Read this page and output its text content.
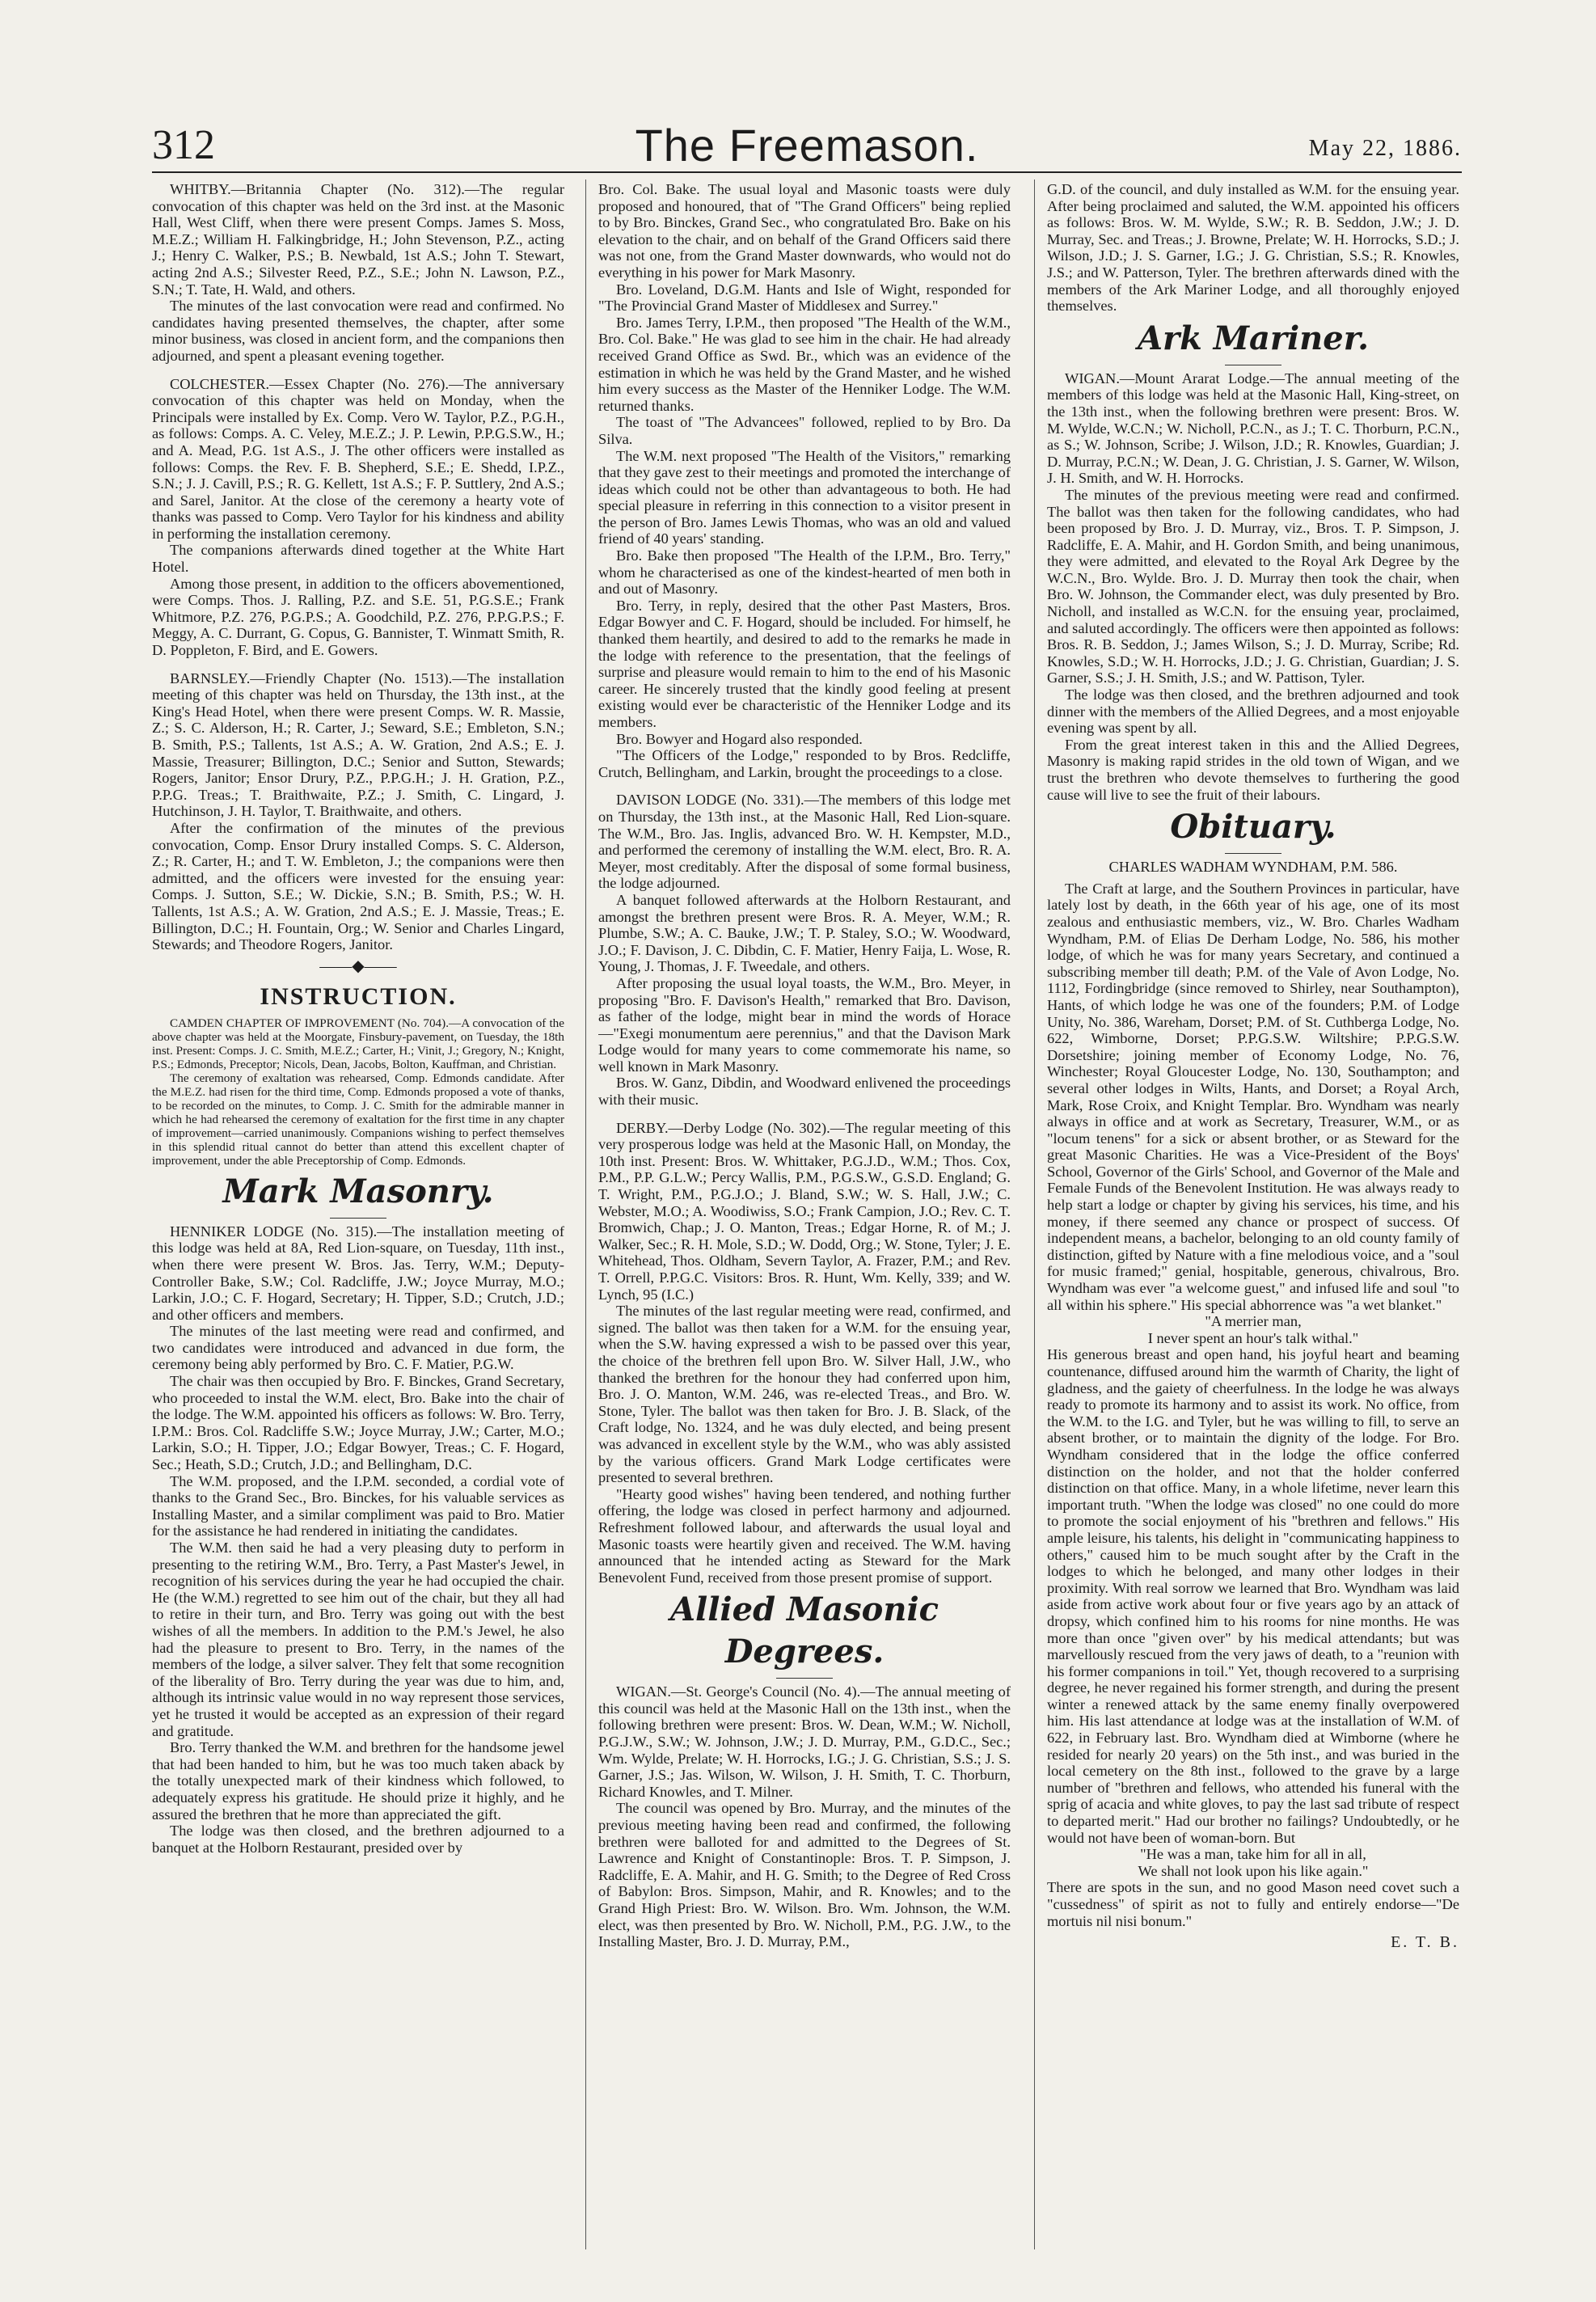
312	The Freemason.	May 22, 1886.

WHITBY.—Britannia Chapter (No. 312).—The regular convocation of this chapter was held on the 3rd inst. at the Masonic Hall, West Cliff, when there were present Comps. James S. Moss, M.E.Z.; William H. Falkingbridge, H.; John Stevenson, P.Z., acting J.; Henry C. Walker, P.S.; B. Newbald, 1st A.S.; John T. Stewart, acting 2nd A.S.; Silvester Reed, P.Z., S.E.; John N. Lawson, P.Z., S.N.; T. Tate, H. Wald, and others.

The minutes of the last convocation were read and confirmed. No candidates having presented themselves, the chapter, after some minor business, was closed in ancient form, and the companions then adjourned, and spent a pleasant evening together.

COLCHESTER.—Essex Chapter (No. 276).—The anniversary convocation of this chapter was held on Monday, when the Principals were installed by Ex. Comp. Vero W. Taylor, P.Z., P.G.H., as follows: Comps. A. C. Veley, M.E.Z.; J. P. Lewin, P.P.G.S.W., H.; and A. Mead, P.G. 1st A.S., J. The other officers were installed as follows: Comps. the Rev. F. B. Shepherd, S.E.; E. Shedd, I.P.Z., S.N.; J. J. Cavill, P.S.; R. G. Kellett, 1st A.S.; F. P. Suttlery, 2nd A.S.; and Sarel, Janitor. At the close of the ceremony a hearty vote of thanks was passed to Comp. Vero Taylor for his kindness and ability in performing the installation ceremony.

The companions afterwards dined together at the White Hart Hotel.

Among those present, in addition to the officers abovementioned, were Comps. Thos. J. Ralling, P.Z. and S.E. 51, P.G.S.E.; Frank Whitmore, P.Z. 276, P.G.P.S.; A. Goodchild, P.Z. 276, P.P.G.P.S.; F. Meggy, A. C. Durrant, G. Copus, G. Bannister, T. Winmatt Smith, R. D. Poppleton, F. Bird, and E. Gowers.

BARNSLEY.—Friendly Chapter (No. 1513).—The installation meeting of this chapter was held on Thursday, the 13th inst., at the King's Head Hotel, when there were present Comps. W. R. Massie, Z.; S. C. Alderson, H.; R. Carter, J.; Seward, S.E.; Embleton, S.N.; B. Smith, P.S.; Tallents, 1st A.S.; A. W. Gration, 2nd A.S.; E. J. Massie, Treasurer; Billington, D.C.; Senior and Sutton, Stewards; Rogers, Janitor; Ensor Drury, P.Z., P.P.G.H.; J. H. Gration, P.Z., P.P.G. Treas.; T. Braithwaite, P.Z.; J. Smith, C. Lingard, J. Hutchinson, J. H. Taylor, T. Braithwaite, and others.

After the confirmation of the minutes of the previous convocation, Comp. Ensor Drury installed Comps. S. C. Alderson, Z.; R. Carter, H.; and T. W. Embleton, J.; the companions were then admitted, and the officers were invested for the ensuing year: Comps. J. Sutton, S.E.; W. Dickie, S.N.; B. Smith, P.S.; W. H. Tallents, 1st A.S.; A. W. Gration, 2nd A.S.; E. J. Massie, Treas.; E. Billington, D.C.; H. Fountain, Org.; W. Senior and Charles Lingard, Stewards; and Theodore Rogers, Janitor.

——◆——
INSTRUCTION.

CAMDEN CHAPTER OF IMPROVEMENT (No. 704).—A convocation of the above chapter was held at the Moorgate, Finsbury-pavement, on Tuesday, the 18th inst. Present: Comps. J. C. Smith, M.E.Z.; Carter, H.; Vinit, J.; Gregory, N.; Knight, P.S.; Edmonds, Preceptor; Nicols, Dean, Jacobs, Bolton, Kauffman, and Christian.

The ceremony of exaltation was rehearsed, Comp. Edmonds candidate. After the M.E.Z. had risen for the third time, Comp. Edmonds proposed a vote of thanks, to be recorded on the minutes, to Comp. J. C. Smith for the admirable manner in which he had rehearsed the ceremony of exaltation for the first time in any chapter of improvement—carried unanimously. Companions wishing to perfect themselves in this splendid ritual cannot do better than attend this excellent chapter of improvement, under the able Preceptorship of Comp. Edmonds.

Mark Masonry.

HENNIKER LODGE (No. 315).—The installation meeting of this lodge was held at 8A, Red Lion-square, on Tuesday, 11th inst., when there were present W. Bros. Jas. Terry, W.M.; Deputy-Controller Bake, S.W.; Col. Radcliffe, J.W.; Joyce Murray, M.O.; Larkin, J.O.; C. F. Hogard, Secretary; H. Tipper, S.D.; Crutch, J.D.; and other officers and members.

The minutes of the last meeting were read and confirmed, and two candidates were introduced and advanced in due form, the ceremony being ably performed by Bro. C. F. Matier, P.G.W.

The chair was then occupied by Bro. F. Binckes, Grand Secretary, who proceeded to instal the W.M. elect, Bro. Bake into the chair of the lodge. The W.M. appointed his officers as follows: W. Bro. Terry, I.P.M.: Bros. Col. Radcliffe S.W.; Joyce Murray, J.W.; Carter, M.O.; Larkin, S.O.; H. Tipper, J.O.; Edgar Bowyer, Treas.; C. F. Hogard, Sec.; Heath, S.D.; Crutch, J.D.; and Bellingham, D.C.

The W.M. proposed, and the I.P.M. seconded, a cordial vote of thanks to the Grand Sec., Bro. Binckes, for his valuable services as Installing Master, and a similar compliment was paid to Bro. Matier for the assistance he had rendered in initiating the candidates.

The W.M. then said he had a very pleasing duty to perform in presenting to the retiring W.M., Bro. Terry, a Past Master's Jewel, in recognition of his services during the year he had occupied the chair. He (the W.M.) regretted to see him out of the chair, but they all had to retire in their turn, and Bro. Terry was going out with the best wishes of all the members. In addition to the P.M.'s Jewel, he also had the pleasure to present to Bro. Terry, in the names of the members of the lodge, a silver salver. They felt that some recognition of the liberality of Bro. Terry during the year was due to him, and, although its intrinsic value would in no way represent those services, yet he trusted it would be accepted as an expression of their regard and gratitude.

Bro. Terry thanked the W.M. and brethren for the handsome jewel that had been handed to him, but he was too much taken aback by the totally unexpected mark of their kindness which followed, to adequately express his gratitude. He should prize it highly, and he assured the brethren that he more than appreciated the gift.

The lodge was then closed, and the brethren adjourned to a banquet at the Holborn Restaurant, presided over by

Bro. Col. Bake. The usual loyal and Masonic toasts were duly proposed and honoured, that of "The Grand Officers" being replied to by Bro. Binckes, Grand Sec., who congratulated Bro. Bake on his elevation to the chair, and on behalf of the Grand Officers said there was not one, from the Grand Master downwards, who would not do everything in his power for Mark Masonry.

Bro. Loveland, D.G.M. Hants and Isle of Wight, responded for "The Provincial Grand Master of Middlesex and Surrey."

Bro. James Terry, I.P.M., then proposed "The Health of the W.M., Bro. Col. Bake." He was glad to see him in the chair. He had already received Grand Office as Swd. Br., which was an evidence of the estimation in which he was held by the Grand Master, and he wished him every success as the Master of the Henniker Lodge. The W.M. returned thanks.

The toast of "The Advancees" followed, replied to by Bro. Da Silva.

The W.M. next proposed "The Health of the Visitors," remarking that they gave zest to their meetings and promoted the interchange of ideas which could not be other than advantageous to both. He had special pleasure in referring in this connection to a visitor present in the person of Bro. James Lewis Thomas, who was an old and valued friend of 40 years' standing.

Bro. Bake then proposed "The Health of the I.P.M., Bro. Terry," whom he characterised as one of the kindest-hearted of men both in and out of Masonry.

Bro. Terry, in reply, desired that the other Past Masters, Bros. Edgar Bowyer and C. F. Hogard, should be included. For himself, he thanked them heartily, and desired to add to the remarks he made in the lodge with reference to the presentation, that the feelings of surprise and pleasure would remain to him to the end of his Masonic career. He sincerely trusted that the kindly good feeling at present existing would ever be characteristic of the Henniker Lodge and its members.

Bro. Bowyer and Hogard also responded.

"The Officers of the Lodge," responded to by Bros. Redcliffe, Crutch, Bellingham, and Larkin, brought the proceedings to a close.

DAVISON LODGE (No. 331).—The members of this lodge met on Thursday, the 13th inst., at the Masonic Hall, Red Lion-square. The W.M., Bro. Jas. Inglis, advanced Bro. W. H. Kempster, M.D., and performed the ceremony of installing the W.M. elect, Bro. R. A. Meyer, most creditably. After the disposal of some formal business, the lodge adjourned.

A banquet followed afterwards at the Holborn Restaurant, and amongst the brethren present were Bros. R. A. Meyer, W.M.; R. Plumbe, S.W.; A. C. Bauke, J.W.; T. P. Staley, S.O.; W. Woodward, J.O.; F. Davison, J. C. Dibdin, C. F. Matier, Henry Faija, L. Wose, R. Young, J. Thomas, J. F. Tweedale, and others.

After proposing the usual loyal toasts, the W.M., Bro. Meyer, in proposing "Bro. F. Davison's Health," remarked that Bro. Davison, as father of the lodge, might bear in mind the words of Horace—"Exegi monumentum aere perennius," and that the Davison Mark Lodge would for many years to come commemorate his name, so well known in Mark Masonry.

Bros. W. Ganz, Dibdin, and Woodward enlivened the proceedings with their music.

DERBY.—Derby Lodge (No. 302).—The regular meeting of this very prosperous lodge was held at the Masonic Hall, on Monday, the 10th inst. Present: Bros. W. Whittaker, P.G.J.D., W.M.; Thos. Cox, P.M., P.P. G.L.W.; Percy Wallis, P.M., P.G.S.W., G.S.D. England; G. T. Wright, P.M., P.G.J.O.; J. Bland, S.W.; W. S. Hall, J.W.; C. Webster, M.O.; A. Woodiwiss, S.O.; Frank Campion, J.O.; Rev. C. T. Bromwich, Chap.; J. O. Manton, Treas.; Edgar Horne, R. of M.; J. Walker, Sec.; R. H. Mole, S.D.; W. Dodd, Org.; W. Stone, Tyler; J. E. Whitehead, Thos. Oldham, Severn Taylor, A. Frazer, P.M.; and Rev. T. Orrell, P.P.G.C. Visitors: Bros. R. Hunt, Wm. Kelly, 339; and W. Lynch, 95 (I.C.)

The minutes of the last regular meeting were read, confirmed, and signed. The ballot was then taken for a W.M. for the ensuing year, when the S.W. having expressed a wish to be passed over this year, the choice of the brethren fell upon Bro. W. Silver Hall, J.W., who thanked the brethren for the honour they had conferred upon him, Bro. J. O. Manton, W.M. 246, was re-elected Treas., and Bro. W. Stone, Tyler. The ballot was then taken for Bro. J. B. Slack, of the Craft lodge, No. 1324, and he was duly elected, and being present was advanced in excellent style by the W.M., who was ably assisted by the various officers. Grand Mark Lodge certificates were presented to several brethren.

"Hearty good wishes" having been tendered, and nothing further offering, the lodge was closed in perfect harmony and adjourned. Refreshment followed labour, and afterwards the usual loyal and Masonic toasts were heartily given and received. The W.M. having announced that he intended acting as Steward for the Mark Benevolent Fund, received from those present promise of support.

Allied Masonic Degrees.

WIGAN.—St. George's Council (No. 4).—The annual meeting of this council was held at the Masonic Hall on the 13th inst., when the following brethren were present: Bros. W. Dean, W.M.; W. Nicholl, P.G.J.W., S.W.; W. Johnson, J.W.; J. D. Murray, P.M., G.D.C., Sec.; Wm. Wylde, Prelate; W. H. Horrocks, I.G.; J. G. Christian, S.S.; J. S. Garner, J.S.; Jas. Wilson, W. Wilson, J. H. Smith, T. C. Thorburn, Richard Knowles, and T. Milner.

The council was opened by Bro. Murray, and the minutes of the previous meeting having been read and confirmed, the following brethren were balloted for and admitted to the Degrees of St. Lawrence and Knight of Constantinople: Bros. T. P. Simpson, J. Radcliffe, E. A. Mahir, and H. G. Smith; to the Degree of Red Cross of Babylon: Bros. Simpson, Mahir, and R. Knowles; and to the Grand High Priest: Bro. W. Wilson. Bro. Wm. Johnson, the W.M. elect, was then presented by Bro. W. Nicholl, P.M., P.G. J.W., to the Installing Master, Bro. J. D. Murray, P.M.,

G.D. of the council, and duly installed as W.M. for the ensuing year. After being proclaimed and saluted, the W.M. appointed his officers as follows: Bros. W. M. Wylde, S.W.; R. B. Seddon, J.W.; J. D. Murray, Sec. and Treas.; J. Browne, Prelate; W. H. Horrocks, S.D.; J. Wilson, J.D.; J. S. Garner, I.G.; J. G. Christian, S.S.; R. Knowles, J.S.; and W. Patterson, Tyler. The brethren afterwards dined with the members of the Ark Mariner Lodge, and all thoroughly enjoyed themselves.

Ark Mariner.

WIGAN.—Mount Ararat Lodge.—The annual meeting of the members of this lodge was held at the Masonic Hall, King-street, on the 13th inst., when the following brethren were present: Bros. W. M. Wylde, W.C.N.; W. Nicholl, P.C.N., as J.; T. C. Thorburn, P.C.N., as S.; W. Johnson, Scribe; J. Wilson, J.D.; R. Knowles, Guardian; J. D. Murray, P.C.N.; W. Dean, J. G. Christian, J. S. Garner, W. Wilson, J. H. Smith, and W. H. Horrocks.

The minutes of the previous meeting were read and confirmed. The ballot was then taken for the following candidates, who had been proposed by Bro. J. D. Murray, viz., Bros. T. P. Simpson, J. Radcliffe, E. A. Mahir, and H. Gordon Smith, and being unanimous, they were admitted, and elevated to the Royal Ark Degree by the W.C.N., Bro. Wylde. Bro. J. D. Murray then took the chair, when Bro. W. Johnson, the Commander elect, was duly presented by Bro. Nicholl, and installed as W.C.N. for the ensuing year, proclaimed, and saluted accordingly. The officers were then appointed as follows: Bros. R. B. Seddon, J.; James Wilson, S.; J. D. Murray, Scribe; Rd. Knowles, S.D.; W. H. Horrocks, J.D.; J. G. Christian, Guardian; J. S. Garner, S.S.; J. H. Smith, J.S.; and W. Pattison, Tyler.

The lodge was then closed, and the brethren adjourned and took dinner with the members of the Allied Degrees, and a most enjoyable evening was spent by all.

From the great interest taken in this and the Allied Degrees, Masonry is making rapid strides in the old town of Wigan, and we trust the brethren who devote themselves to furthering the good cause will live to see the fruit of their labours.

Obituary.

CHARLES WADHAM WYNDHAM, P.M. 586.

The Craft at large, and the Southern Provinces in particular, have lately lost by death, in the 66th year of his age, one of its most zealous and enthusiastic members, viz., W. Bro. Charles Wadham Wyndham, P.M. of Elias De Derham Lodge, No. 586, his mother lodge, of which he was for many years Secretary, and continued a subscribing member till death; P.M. of the Vale of Avon Lodge, No. 1112, Fordingbridge (since removed to Shirley, near Southampton), Hants, of which lodge he was one of the founders; P.M. of Lodge Unity, No. 386, Wareham, Dorset; P.M. of St. Cuthberga Lodge, No. 622, Wimborne, Dorset; P.P.G.S.W. Wiltshire; P.P.G.S.W. Dorsetshire; joining member of Economy Lodge, No. 76, Winchester; Royal Gloucester Lodge, No. 130, Southampton; and several other lodges in Wilts, Hants, and Dorset; a Royal Arch, Mark, Rose Croix, and Knight Templar. Bro. Wyndham was nearly always in office and at work as Secretary, Treasurer, W.M., or as "locum tenens" for a sick or absent brother, or as Steward for the great Masonic Charities. He was a Vice-President of the Boys' School, Governor of the Girls' School, and Governor of the Male and Female Funds of the Benevolent Institution. He was always ready to help start a lodge or chapter by giving his services, his time, and his money, if there seemed any chance or prospect of success. Of independent means, a bachelor, belonging to an old county family of distinction, gifted by Nature with a fine melodious voice, and a "soul for music framed;" genial, hospitable, generous, chivalrous, Bro. Wyndham was ever "a welcome guest," and infused life and soul "to all within his sphere." His special abhorrence was "a wet blanket."

"A merrier man,

I never spent an hour's talk withal."

His generous breast and open hand, his joyful heart and beaming countenance, diffused around him the warmth of Charity, the light of gladness, and the gaiety of cheerfulness. In the lodge he was always ready to promote its harmony and to assist its work. No office, from the W.M. to the I.G. and Tyler, but he was willing to fill, to serve an absent brother, or to maintain the dignity of the lodge. For Bro. Wyndham considered that in the lodge the office conferred distinction on the holder, and not that the holder conferred distinction on that office. Many, in a whole lifetime, never learn this important truth. "When the lodge was closed" no one could do more to promote the social enjoyment of his "brethren and fellows." His ample leisure, his talents, his delight in "communicating happiness to others," caused him to be much sought after by the Craft in the lodges to which he belonged, and many other lodges in their proximity. With real sorrow we learned that Bro. Wyndham was laid aside from active work about four or five years ago by an attack of dropsy, which confined him to his rooms for nine months. He was more than once "given over" by his medical attendants; but was marvellously rescued from the very jaws of death, to a "reunion with his former companions in toil." Yet, though recovered to a surprising degree, he never regained his former strength, and during the present winter a renewed attack by the same enemy finally overpowered him. His last attendance at lodge was at the installation of W.M. of 622, in February last. Bro. Wyndham died at Wimborne (where he resided for nearly 20 years) on the 5th inst., and was buried in the local cemetery on the 8th inst., followed to the grave by a large number of "brethren and fellows, who attended his funeral with the sprig of acacia and white gloves, to pay the last sad tribute of respect to departed merit." Had our brother no failings? Undoubtedly, or he would not have been of woman-born. But

"He was a man, take him for all in all,

We shall not look upon his like again."

There are spots in the sun, and no good Mason need covet such a "cussedness" of spirit as not to fully and entirely endorse—"De mortuis nil nisi bonum."

E. T. B.
